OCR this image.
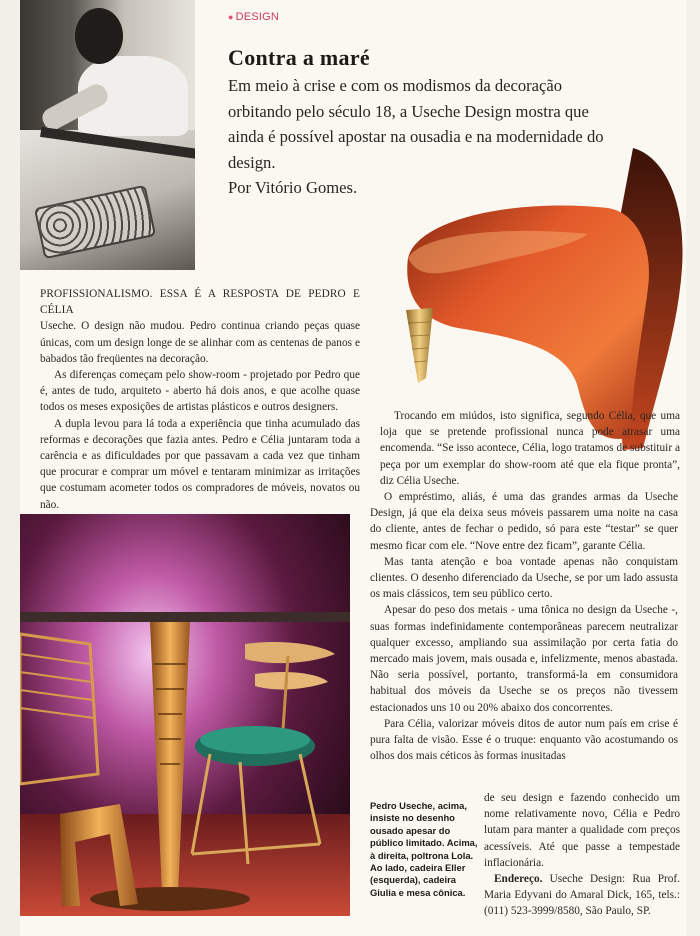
● DESIGN
Contra a maré

Em meio à crise e com os modismos da decoração orbitando pelo século 18, a Useche Design mostra que ainda é possível apostar na ousadia e na modernidade do design.
Por Vitório Gomes.

PROFISSIONALISMO. ESSA É A RESPOSTA DE PEDRO E CÉLIA

Useche. O design não mudou. Pedro continua criando peças quase únicas, com um design longe de se alinhar com as centenas de panos e babados tão freqüentes na decoração.

As diferenças começam pelo show-room - projetado por Pedro que é, antes de tudo, arquiteto - aberto há dois anos, e que acolhe quase todos os meses exposições de artistas plásticos e outros designers.

A dupla levou para lá toda a experiência que tinha acumulado das reformas e decorações que fazia antes. Pedro e Célia juntaram toda a carência e as dificuldades por que passavam a cada vez que tinham que procurar e comprar um móvel e tentaram minimizar as irritações que costumam acometer todos os compradores de móveis, novatos ou não.

Trocando em miúdos, isto significa, segundo Célia, que uma loja que se pretende profissional nunca pode atrasar uma encomenda. “Se isso acontece, Célia, logo tratamos de substituir a peça por um exemplar do show-room até que ela fique pronta”, diz Célia Useche.

O empréstimo, aliás, é uma das grandes armas da Useche Design, já que ela deixa seus móveis passarem uma noite na casa do cliente, antes de fechar o pedido, só para este “testar” se quer mesmo ficar com ele. “Nove entre dez ficam”, garante Célia.

Mas tanta atenção e boa vontade apenas não conquistam clientes. O desenho diferenciado da Useche, se por um lado assusta os mais clássicos, tem seu público certo.

Apesar do peso dos metais - uma tônica no design da Useche -, suas formas indefinidamente contemporâneas parecem neutralizar qualquer excesso, ampliando sua assimilação por certa fatia do mercado mais jovem, mais ousada e, infelizmente, menos abastada. Não seria possível, portanto, transformá-la em consumidora habitual dos móveis da Useche se os preços não tivessem estacionados uns 10 ou 20% abaixo dos concorrentes.

Para Célia, valorizar móveis ditos de autor num país em crise é pura falta de visão. Esse é o truque: enquanto vão acostumando os olhos dos mais céticos às formas inusitadas

Pedro Useche, acima, insiste no desenho ousado apesar do público limitado. Acima, à direita, poltrona Lola. Ao lado, cadeira Eller (esquerda), cadeira Giulia e mesa cônica.

de seu design e fazendo conhecido um nome relativamente novo, Célia e Pedro lutam para manter a qualidade com preços acessíveis. Até que passe a tempestade inflacionária.

Endereço. Useche Design: Rua Prof. Maria Edyvani do Amaral Dick, 165, tels.: (011) 523-3999/8580, São Paulo, SP.
